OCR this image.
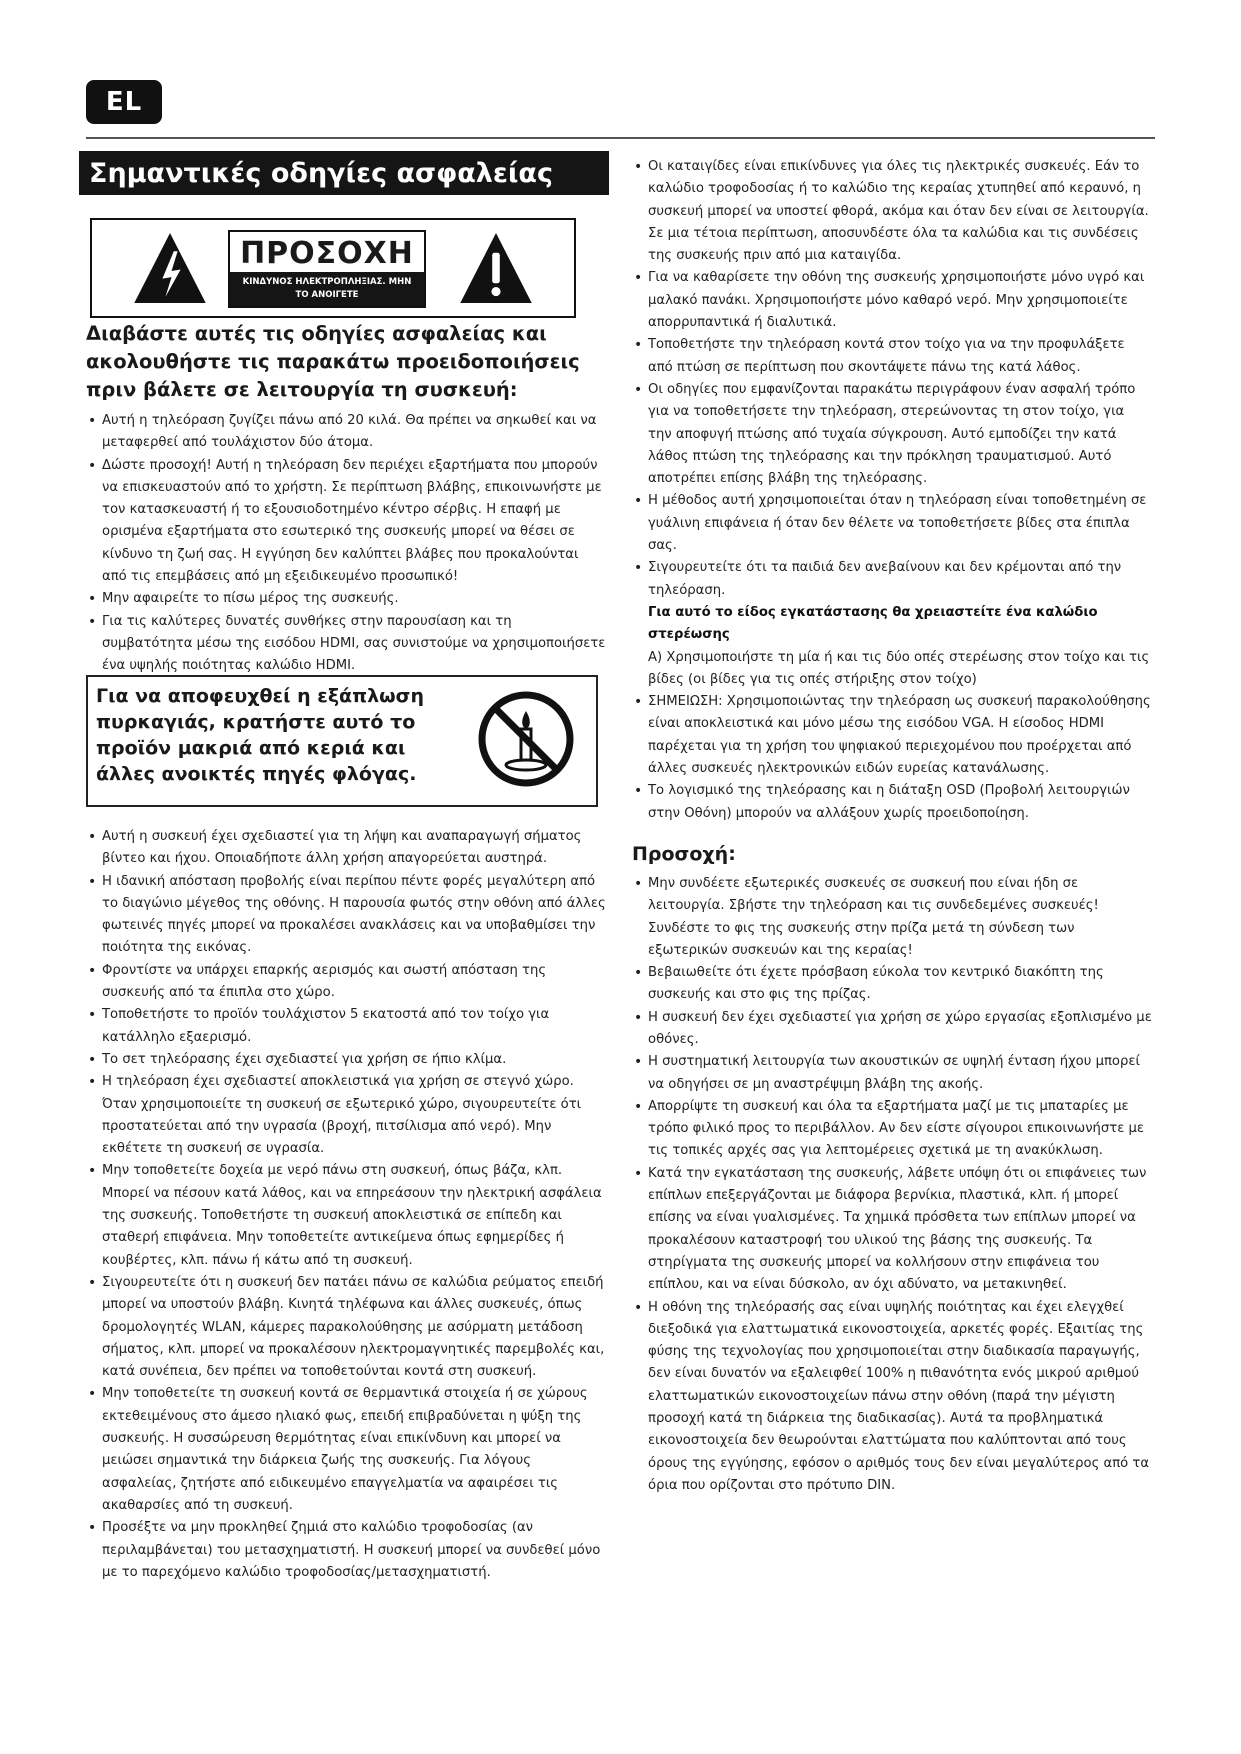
EL
Σημαντικές οδηγίες ασφαλείας
ΠΡΟΣΟΧΗ
ΚΙΝΔΥΝΟΣ ΗΛΕΚΤΡΟΠΛΗΞΙΑΣ. ΜΗΝ ΤΟ ΑΝΟΙΓΕΤΕ
Διαβάστε αυτές τις οδηγίες ασφαλείας και ακολουθήστε τις παρακάτω προειδοποιήσεις πριν βάλετε σε λειτουργία τη συσκευή:
• Αυτή η τηλεόραση ζυγίζει πάνω από 20 κιλά. Θα πρέπει να σηκωθεί και να μεταφερθεί από τουλάχιστον δύο άτομα.
• Δώστε προσοχή! Αυτή η τηλεόραση δεν περιέχει εξαρτήματα που μπορούν να επισκευαστούν από το χρήστη. Σε περίπτωση βλάβης, επικοινωνήστε με τον κατασκευαστή ή το εξουσιοδοτημένο κέντρο σέρβις. Η επαφή με ορισμένα εξαρτήματα στο εσωτερικό της συσκευής μπορεί να θέσει σε κίνδυνο τη ζωή σας. Η εγγύηση δεν καλύπτει βλάβες που προκαλούνται από τις επεμβάσεις από μη εξειδικευμένο προσωπικό!
• Μην αφαιρείτε το πίσω μέρος της συσκευής.
• Για τις καλύτερες δυνατές συνθήκες στην παρουσίαση και τη συμβατότητα μέσω της εισόδου HDMI, σας συνιστούμε να χρησιμοποιήσετε ένα υψηλής ποιότητας καλώδιο HDMI.
Για να αποφευχθεί η εξάπλωση πυρκαγιάς, κρατήστε αυτό το προϊόν μακριά από κεριά και άλλες ανοικτές πηγές φλόγας.
• Αυτή η συσκευή έχει σχεδιαστεί για τη λήψη και αναπαραγωγή σήματος βίντεο και ήχου. Οποιαδήποτε άλλη χρήση απαγορεύεται αυστηρά.
• Η ιδανική απόσταση προβολής είναι περίπου πέντε φορές μεγαλύτερη από το διαγώνιο μέγεθος της οθόνης. Η παρουσία φωτός στην οθόνη από άλλες φωτεινές πηγές μπορεί να προκαλέσει ανακλάσεις και να υποβαθμίσει την ποιότητα της εικόνας.
• Φροντίστε να υπάρχει επαρκής αερισμός και σωστή απόσταση της συσκευής από τα έπιπλα στο χώρο.
• Τοποθετήστε το προϊόν τουλάχιστον 5 εκατοστά από τον τοίχο για κατάλληλο εξαερισμό.
• Το σετ τηλεόρασης έχει σχεδιαστεί για χρήση σε ήπιο κλίμα.
• Η τηλεόραση έχει σχεδιαστεί αποκλειστικά για χρήση σε στεγνό χώρο. Όταν χρησιμοποιείτε τη συσκευή σε εξωτερικό χώρο, σιγουρευτείτε ότι προστατεύεται από την υγρασία (βροχή, πιτσίλισμα από νερό). Μην εκθέτετε τη συσκευή σε υγρασία.
• Μην τοποθετείτε δοχεία με νερό πάνω στη συσκευή, όπως βάζα, κλπ. Μπορεί να πέσουν κατά λάθος, και να επηρεάσουν την ηλεκτρική ασφάλεια της συσκευής. Τοποθετήστε τη συσκευή αποκλειστικά σε επίπεδη και σταθερή επιφάνεια. Μην τοποθετείτε αντικείμενα όπως εφημερίδες ή κουβέρτες, κλπ. πάνω ή κάτω από τη συσκευή.
• Σιγουρευτείτε ότι η συσκευή δεν πατάει πάνω σε καλώδια ρεύματος επειδή μπορεί να υποστούν βλάβη. Κινητά τηλέφωνα και άλλες συσκευές, όπως δρομολογητές WLAN, κάμερες παρακολούθησης με ασύρματη μετάδοση σήματος, κλπ. μπορεί να προκαλέσουν ηλεκτρομαγνητικές παρεμβολές και, κατά συνέπεια, δεν πρέπει να τοποθετούνται κοντά στη συσκευή.
• Μην τοποθετείτε τη συσκευή κοντά σε θερμαντικά στοιχεία ή σε χώρους εκτεθειμένους στο άμεσο ηλιακό φως, επειδή επιβραδύνεται η ψύξη της συσκευής. Η συσσώρευση θερμότητας είναι επικίνδυνη και μπορεί να μειώσει σημαντικά την διάρκεια ζωής της συσκευής. Για λόγους ασφαλείας, ζητήστε από ειδικευμένο επαγγελματία να αφαιρέσει τις ακαθαρσίες από τη συσκευή.
• Προσέξτε να μην προκληθεί ζημιά στο καλώδιο τροφοδοσίας (αν περιλαμβάνεται) του μετασχηματιστή. Η συσκευή μπορεί να συνδεθεί μόνο με το παρεχόμενο καλώδιο τροφοδοσίας/μετασχηματιστή.
• Οι καταιγίδες είναι επικίνδυνες για όλες τις ηλεκτρικές συσκευές. Εάν το καλώδιο τροφοδοσίας ή το καλώδιο της κεραίας χτυπηθεί από κεραυνό, η συσκευή μπορεί να υποστεί φθορά, ακόμα και όταν δεν είναι σε λειτουργία. Σε μια τέτοια περίπτωση, αποσυνδέστε όλα τα καλώδια και τις συνδέσεις της συσκευής πριν από μια καταιγίδα.
• Για να καθαρίσετε την οθόνη της συσκευής χρησιμοποιήστε μόνο υγρό και μαλακό πανάκι. Χρησιμοποιήστε μόνο καθαρό νερό. Μην χρησιμοποιείτε απορρυπαντικά ή διαλυτικά.
• Τοποθετήστε την τηλεόραση κοντά στον τοίχο για να την προφυλάξετε από πτώση σε περίπτωση που σκοντάψετε πάνω της κατά λάθος.
• Οι οδηγίες που εμφανίζονται παρακάτω περιγράφουν έναν ασφαλή τρόπο για να τοποθετήσετε την τηλεόραση, στερεώνοντας τη στον τοίχο, για την αποφυγή πτώσης από τυχαία σύγκρουση. Αυτό εμποδίζει την κατά λάθος πτώση της τηλεόρασης και την πρόκληση τραυματισμού. Αυτό αποτρέπει επίσης βλάβη της τηλεόρασης.
• Η μέθοδος αυτή χρησιμοποιείται όταν η τηλεόραση είναι τοποθετημένη σε γυάλινη επιφάνεια ή όταν δεν θέλετε να τοποθετήσετε βίδες στα έπιπλα σας.
• Σιγουρευτείτε ότι τα παιδιά δεν ανεβαίνουν και δεν κρέμονται από την τηλεόραση.

Για αυτό το είδος εγκατάστασης θα χρειαστείτε ένα καλώδιο στερέωσης

Α) Χρησιμοποιήστε τη μία ή και τις δύο οπές στερέωσης στον τοίχο και τις βίδες (οι βίδες για τις οπές στήριξης στον τοίχο)

• ΣΗΜΕΙΩΣΗ: Χρησιμοποιώντας την τηλεόραση ως συσκευή παρακολούθησης είναι αποκλειστικά και μόνο μέσω της εισόδου VGA. Η είσοδος HDMI παρέχεται για τη χρήση του ψηφιακού περιεχομένου που προέρχεται από άλλες συσκευές ηλεκτρονικών ειδών ευρείας κατανάλωσης.
• Το λογισμικό της τηλεόρασης και η διάταξη OSD (Προβολή λειτουργιών στην Οθόνη) μπορούν να αλλάξουν χωρίς προειδοποίηση.
Προσοχή:
• Μην συνδέετε εξωτερικές συσκευές σε συσκευή που είναι ήδη σε λειτουργία. Σβήστε την τηλεόραση και τις συνδεδεμένες συσκευές! Συνδέστε το φις της συσκευής στην πρίζα μετά τη σύνδεση των εξωτερικών συσκευών και της κεραίας!
• Βεβαιωθείτε ότι έχετε πρόσβαση εύκολα τον κεντρικό διακόπτη της συσκευής και στο φις της πρίζας.
• Η συσκευή δεν έχει σχεδιαστεί για χρήση σε χώρο εργασίας εξοπλισμένο με οθόνες.
• Η συστηματική λειτουργία των ακουστικών σε υψηλή ένταση ήχου μπορεί να οδηγήσει σε μη αναστρέψιμη βλάβη της ακοής.
• Απορρίψτε τη συσκευή και όλα τα εξαρτήματα μαζί με τις μπαταρίες με τρόπο φιλικό προς το περιβάλλον. Αν δεν είστε σίγουροι επικοινωνήστε με τις τοπικές αρχές σας για λεπτομέρειες σχετικά με τη ανακύκλωση.
• Κατά την εγκατάσταση της συσκευής, λάβετε υπόψη ότι οι επιφάνειες των επίπλων επεξεργάζονται με διάφορα βερνίκια, πλαστικά, κλπ. ή μπορεί επίσης να είναι γυαλισμένες. Τα χημικά πρόσθετα των επίπλων μπορεί να προκαλέσουν καταστροφή του υλικού της βάσης της συσκευής. Τα στηρίγματα της συσκευής μπορεί να κολλήσουν στην επιφάνεια του επίπλου, και να είναι δύσκολο, αν όχι αδύνατο, να μετακινηθεί.
• Η οθόνη της τηλεόρασής σας είναι υψηλής ποιότητας και έχει ελεγχθεί διεξοδικά για ελαττωματικά εικονοστοιχεία, αρκετές φορές. Εξαιτίας της φύσης της τεχνολογίας που χρησιμοποιείται στην διαδικασία παραγωγής, δεν είναι δυνατόν να εξαλειφθεί 100% η πιθανότητα ενός μικρού αριθμού ελαττωματικών εικονοστοιχείων πάνω στην οθόνη (παρά την μέγιστη προσοχή κατά τη διάρκεια της διαδικασίας). Αυτά τα προβληματικά εικονοστοιχεία δεν θεωρούνται ελαττώματα που καλύπτονται από τους όρους της εγγύησης, εφόσον ο αριθμός τους δεν είναι μεγαλύτερος από τα όρια που ορίζονται στο πρότυπο DIN.
